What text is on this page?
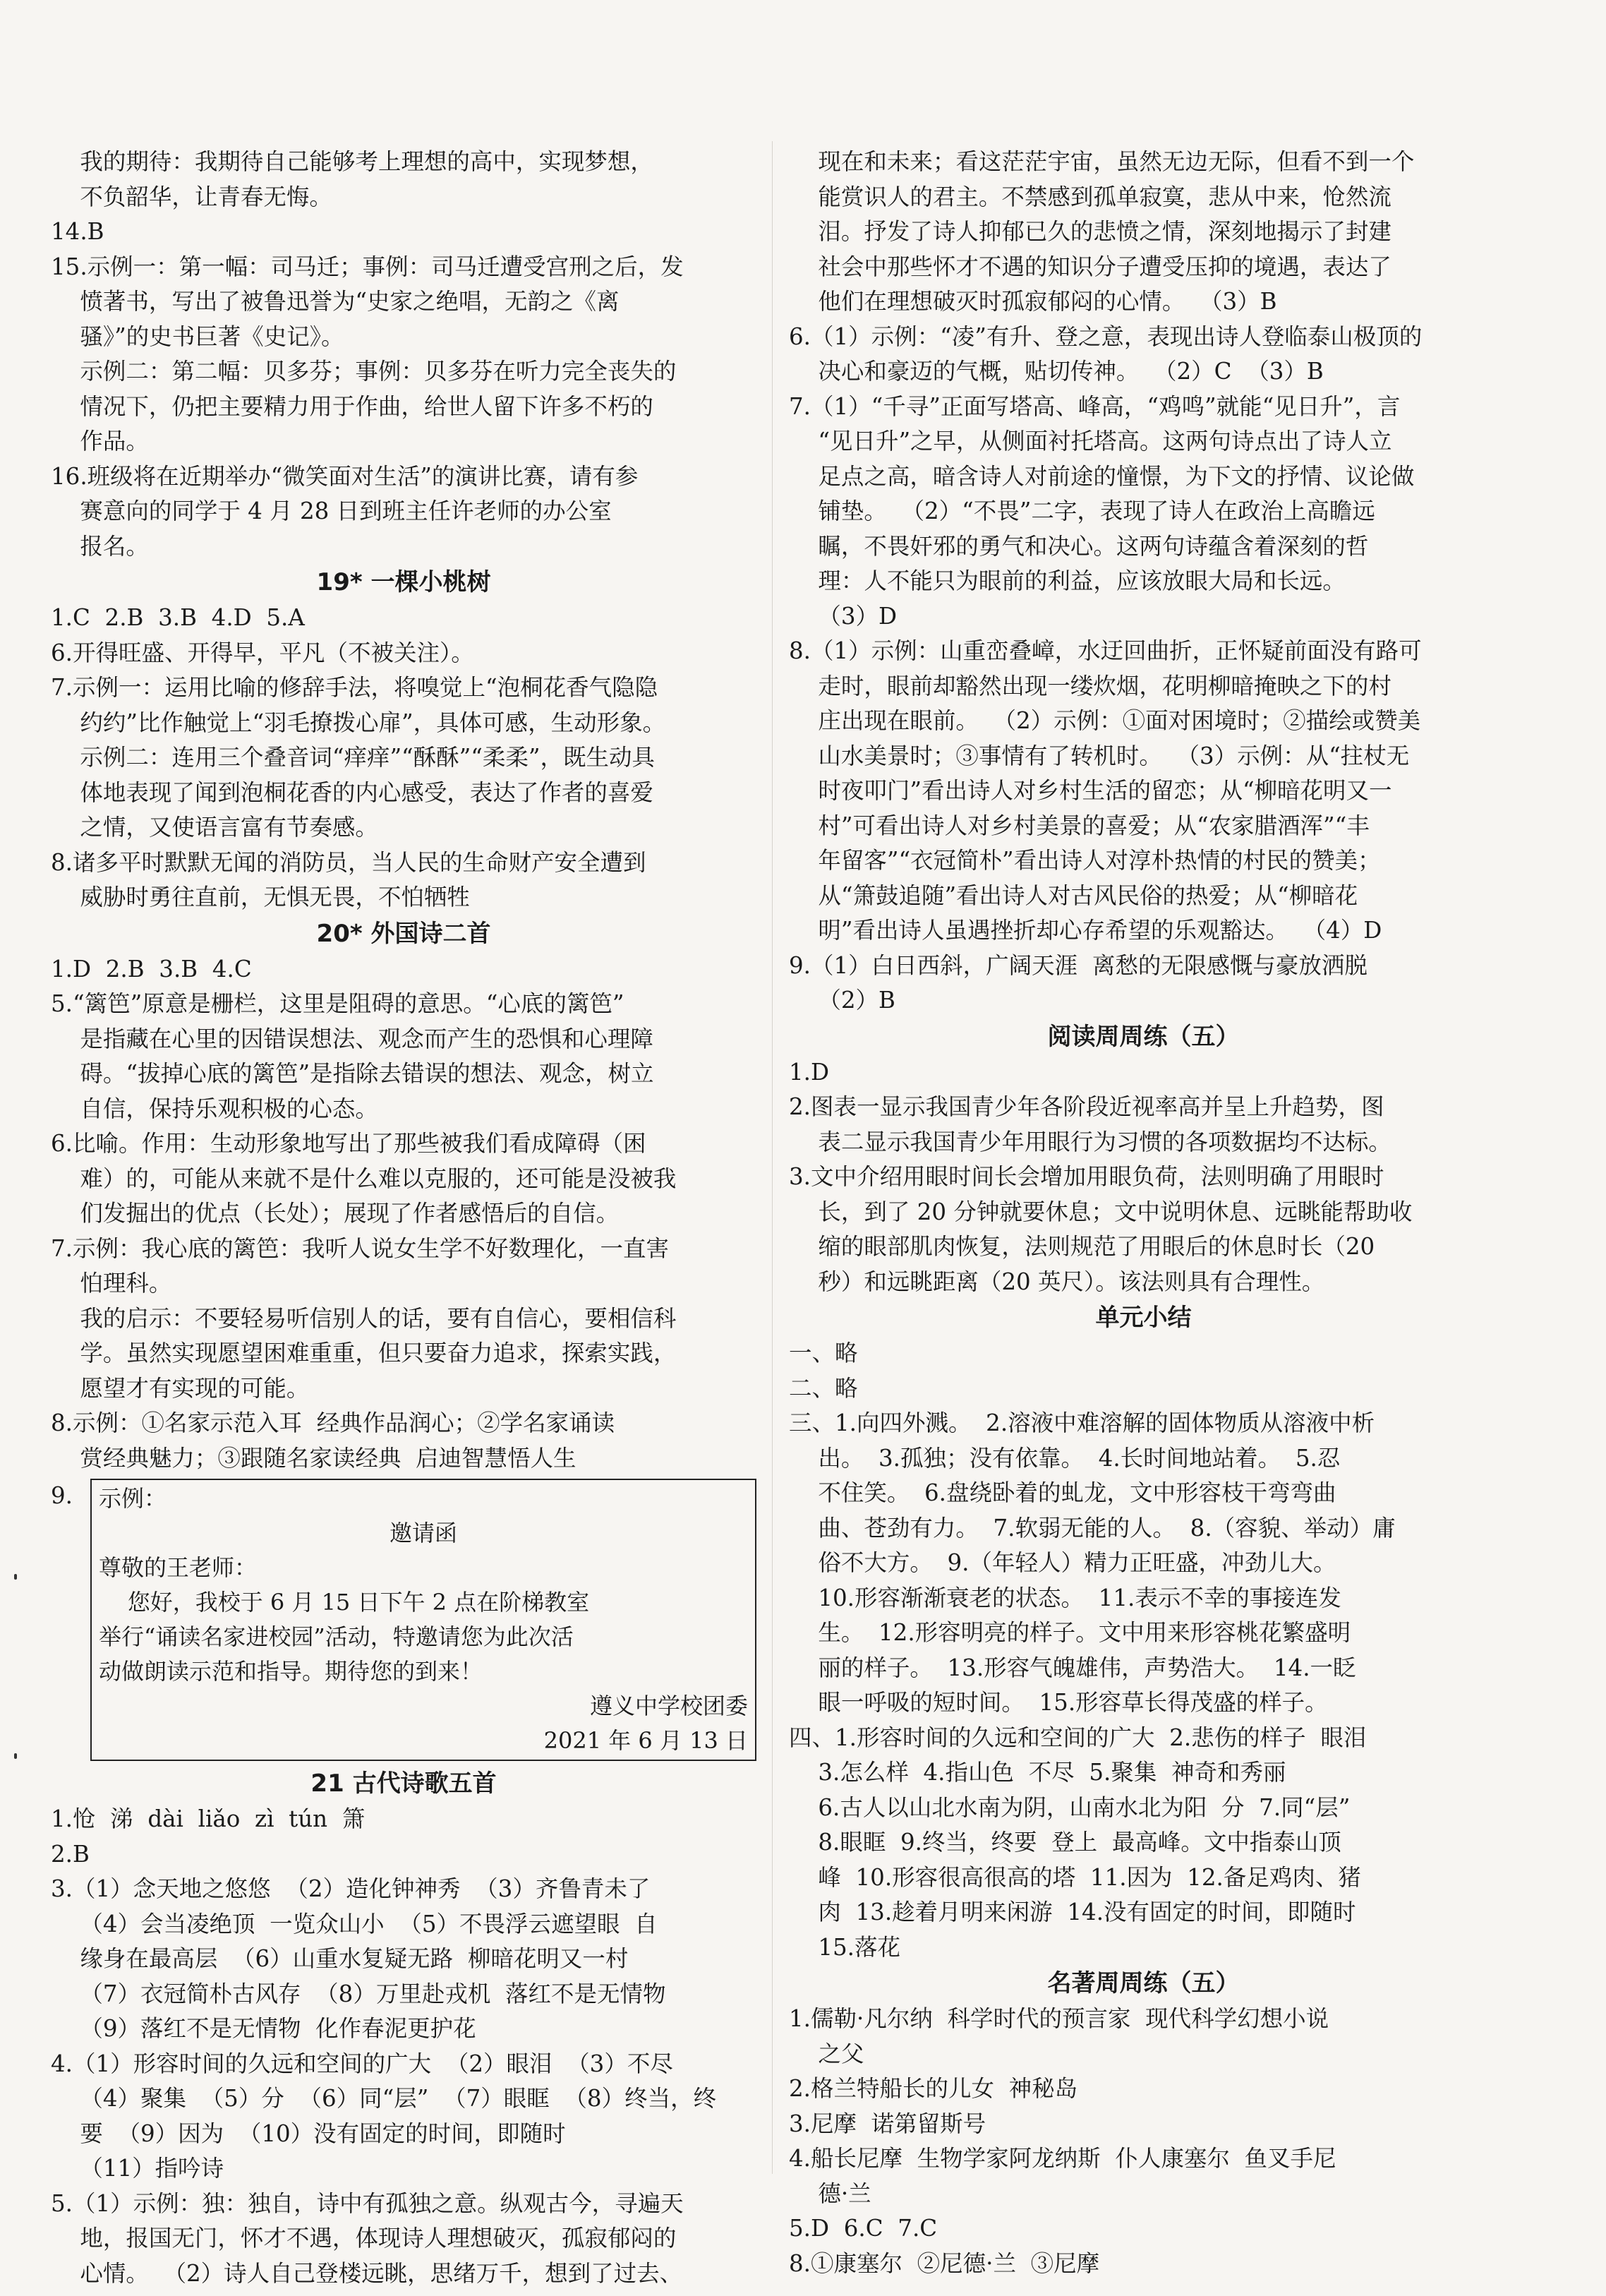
我的期待：我期待自己能够考上理想的高中，实现梦想，
不负韶华，让青春无悔。

14.B

15.示例一：第一幅：司马迁；事例：司马迁遭受宫刑之后，发
愤著书，写出了被鲁迅誉为“史家之绝唱，无韵之《离
骚》”的史书巨著《史记》。
示例二：第二幅：贝多芬；事例：贝多芬在听力完全丧失的
情况下，仍把主要精力用于作曲，给世人留下许多不朽的
作品。

16.班级将在近期举办“微笑面对生活”的演讲比赛，请有参
赛意向的同学于 4 月 28 日到班主任许老师的办公室
报名。

19* 一棵小桃树

1.C  2.B  3.B  4.D  5.A

6.开得旺盛、开得早，平凡（不被关注）。

7.示例一：运用比喻的修辞手法，将嗅觉上“泡桐花香气隐隐
约约”比作触觉上“羽毛撩拨心扉”，具体可感，生动形象。
示例二：连用三个叠音词“痒痒”“酥酥”“柔柔”，既生动具
体地表现了闻到泡桐花香的内心感受，表达了作者的喜爱
之情，又使语言富有节奏感。

8.诸多平时默默无闻的消防员，当人民的生命财产安全遭到
威胁时勇往直前，无惧无畏，不怕牺牲

20* 外国诗二首

1.D  2.B  3.B  4.C

5.“篱笆”原意是栅栏，这里是阻碍的意思。“心底的篱笆”
是指藏在心里的因错误想法、观念而产生的恐惧和心理障
碍。“拔掉心底的篱笆”是指除去错误的想法、观念，树立
自信，保持乐观积极的心态。

6.比喻。作用：生动形象地写出了那些被我们看成障碍（困
难）的，可能从来就不是什么难以克服的，还可能是没被我
们发掘出的优点（长处）；展现了作者感悟后的自信。

7.示例：我心底的篱笆：我听人说女生学不好数理化，一直害
怕理科。
我的启示：不要轻易听信别人的话，要有自信心，要相信科
学。虽然实现愿望困难重重，但只要奋力追求，探索实践，
愿望才有实现的可能。

8.示例：①名家示范入耳  经典作品润心；②学名家诵读
赏经典魅力；③跟随名家读经典  启迪智慧悟人生

9. 示例：

邀请函

尊敬的王老师：

您好，我校于 6 月 15 日下午 2 点在阶梯教室

举行“诵读名家进校园”活动，特邀请您为此次活

动做朗读示范和指导。期待您的到来！

遵义中学校团委

2021 年 6 月 13 日

21 古代诗歌五首

1.怆  涕  dài  liǎo  zì  tún  箫

2.B

3.（1）念天地之悠悠  （2）造化钟神秀  （3）齐鲁青未了
（4）会当凌绝顶  一览众山小  （5）不畏浮云遮望眼  自
缘身在最高层  （6）山重水复疑无路  柳暗花明又一村
（7）衣冠简朴古风存  （8）万里赴戎机  落红不是无情物
（9）落红不是无情物  化作春泥更护花

4.（1）形容时间的久远和空间的广大  （2）眼泪  （3）不尽
（4）聚集  （5）分  （6）同“层”  （7）眼眶  （8）终当，终
要  （9）因为  （10）没有固定的时间，即随时
（11）指吟诗

5.（1）示例：独：独自，诗中有孤独之意。纵观古今，寻遍天
地，报国无门，怀才不遇，体现诗人理想破灭，孤寂郁闷的
心情。  （2）诗人自己登楼远眺，思绪万千，想到了过去、

现在和未来；看这茫茫宇宙，虽然无边无际，但看不到一个
能赏识人的君主。不禁感到孤单寂寞，悲从中来，怆然流
泪。抒发了诗人抑郁已久的悲愤之情，深刻地揭示了封建
社会中那些怀才不遇的知识分子遭受压抑的境遇，表达了
他们在理想破灭时孤寂郁闷的心情。  （3）B

6.（1）示例：“凌”有升、登之意，表现出诗人登临泰山极顶的
决心和豪迈的气概，贴切传神。  （2）C  （3）B

7.（1）“千寻”正面写塔高、峰高，“鸡鸣”就能“见日升”，言
“见日升”之早，从侧面衬托塔高。这两句诗点出了诗人立
足点之高，暗含诗人对前途的憧憬，为下文的抒情、议论做
铺垫。  （2）“不畏”二字，表现了诗人在政治上高瞻远
瞩，不畏奸邪的勇气和决心。这两句诗蕴含着深刻的哲
理：人不能只为眼前的利益，应该放眼大局和长远。
（3）D

8.（1）示例：山重峦叠嶂，水迂回曲折，正怀疑前面没有路可
走时，眼前却豁然出现一缕炊烟，花明柳暗掩映之下的村
庄出现在眼前。  （2）示例：①面对困境时；②描绘或赞美
山水美景时；③事情有了转机时。  （3）示例：从“拄杖无
时夜叩门”看出诗人对乡村生活的留恋；从“柳暗花明又一
村”可看出诗人对乡村美景的喜爱；从“农家腊酒浑”“丰
年留客”“衣冠简朴”看出诗人对淳朴热情的村民的赞美；
从“箫鼓追随”看出诗人对古风民俗的热爱；从“柳暗花
明”看出诗人虽遇挫折却心存希望的乐观豁达。  （4）D

9.（1）白日西斜，广阔天涯  离愁的无限感慨与豪放洒脱
（2）B

阅读周周练（五）

1.D

2.图表一显示我国青少年各阶段近视率高并呈上升趋势，图
表二显示我国青少年用眼行为习惯的各项数据均不达标。

3.文中介绍用眼时间长会增加用眼负荷，法则明确了用眼时
长，到了 20 分钟就要休息；文中说明休息、远眺能帮助收
缩的眼部肌肉恢复，法则规范了用眼后的休息时长（20
秒）和远眺距离（20 英尺）。该法则具有合理性。

单元小结

一、略

二、略

三、1.向四外溅。  2.溶液中难溶解的固体物质从溶液中析
出。  3.孤独；没有依靠。  4.长时间地站着。  5.忍
不住笑。  6.盘绕卧着的虬龙，文中形容枝干弯弯曲
曲、苍劲有力。  7.软弱无能的人。  8.（容貌、举动）庸
俗不大方。  9.（年轻人）精力正旺盛，冲劲儿大。
10.形容渐渐衰老的状态。  11.表示不幸的事接连发
生。  12.形容明亮的样子。文中用来形容桃花繁盛明
丽的样子。  13.形容气魄雄伟，声势浩大。  14.一眨
眼一呼吸的短时间。  15.形容草长得茂盛的样子。

四、1.形容时间的久远和空间的广大  2.悲伤的样子  眼泪
3.怎么样  4.指山色  不尽  5.聚集  神奇和秀丽
6.古人以山北水南为阴，山南水北为阳  分  7.同“层”
8.眼眶  9.终当，终要  登上  最高峰。文中指泰山顶
峰  10.形容很高很高的塔  11.因为  12.备足鸡肉、猪
肉  13.趁着月明来闲游  14.没有固定的时间，即随时
15.落花

名著周周练（五）

1.儒勒·凡尔纳  科学时代的预言家  现代科学幻想小说
之父

2.格兰特船长的儿女  神秘岛

3.尼摩  诺第留斯号

4.船长尼摩  生物学家阿龙纳斯  仆人康塞尔  鱼叉手尼
德·兰

5.D  6.C  7.C

8.①康塞尔  ②尼德·兰  ③尼摩
